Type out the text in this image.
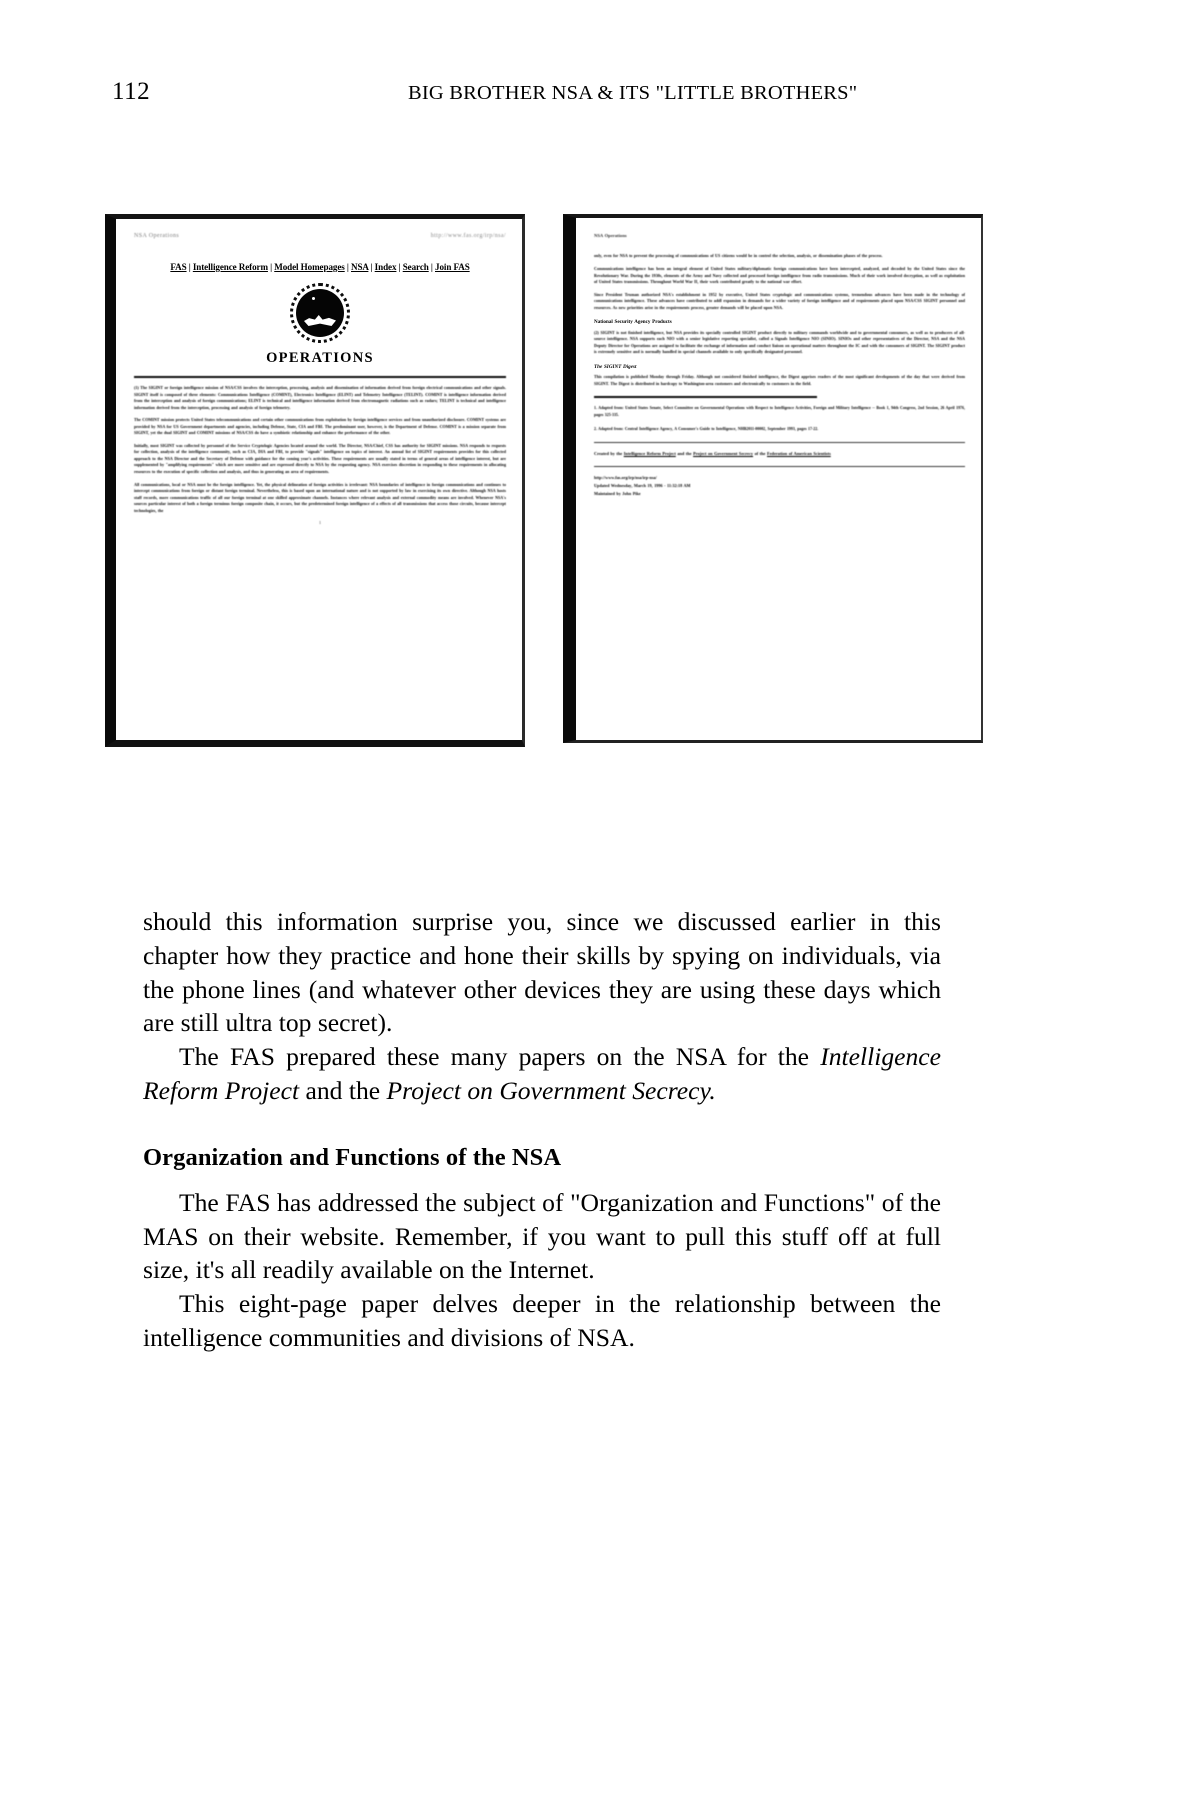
112	BIG BROTHER NSA & ITS "LITTLE BROTHERS"
NSA Operations	http://www.fas.org/irp/nsa/
FAS | Intelligence Reform | Model Homepages | NSA | Index | Search | Join FAS
OPERATIONS

(1) The SIGINT or foreign intelligence mission of NSA/CSS involves the interception, processing, analysis and dissemination of information derived from foreign electrical communications and other signals. SIGINT itself is composed of three elements: Communications Intelligence (COMINT), Electronics Intelligence (ELINT) and Telemetry Intelligence (TELINT). COMINT is intelligence information derived from the interception and analysis of foreign communications; ELINT is technical and intelligence information derived from electromagnetic radiations such as radars; TELINT is technical and intelligence information derived from the interception, processing and analysis of foreign telemetry.

The COMINT mission protects United States telecommunications and certain other communications from exploitation by foreign intelligence services and from unauthorized disclosure. COMINT systems are provided by NSA for US Government departments and agencies, including Defense, State, CIA and FBI. The predominant user, however, is the Department of Defense. COMINT is a mission separate from SIGINT, yet the dual SIGINT and COMINT missions of NSA/CSS do have a symbiotic relationship and enhance the performance of the other.

Initially, most SIGINT was collected by personnel of the Service Cryptologic Agencies located around the world. The Director, NSA/Chief, CSS has authority for SIGINT missions. NSA responds to requests for collection, analysis of the intelligence community, such as CIA, DIA and FBI, to provide "signals" intelligence on topics of interest. An annual list of SIGINT requirements provides for this collected approach to the NSA Director and the Secretary of Defense with guidance for the coming year's activities. These requirements are usually stated in terms of general areas of intelligence interest, but are supplemented by "amplifying requirements" which are more sensitive and are expressed directly to NSA by the requesting agency. NSA exercises discretion in responding to these requirements in allocating resources to the execution of specific collection and analysis, and thus in generating an area of requirements.

All communications, local or NSA must be the foreign intelligence. Yet, the physical delineation of foreign activities is irrelevant: NSA boundaries of intelligence in foreign communications and continues to intercept communications from foreign or distant foreign terminal. Nevertheless, this is based upon an international nature and is not supported by law in exercising its own directive. Although NSA hosts staff records, more communications traffic of all our foreign terminal at one skilled approximate channels. Instances where relevant analysis and external commodity means are involved. Whenever NSA's sources particular interest of both a foreign terminus foreign composite chain, it occurs, but the predetermined foreign intelligence of a effects of all transmissions that access those circuits, because intercept technologies, the

1

NSA Operations

only, even for NSA to prevent the processing of communications of US citizens would be in control the selection, analysis, or dissemination phases of the process.

Communications intelligence has been an integral element of United States military/diplomatic foreign communications have been intercepted, analyzed, and decoded by the United States since the Revolutionary War. During the 1930s, elements of the Army and Navy collected and processed foreign intelligence from radio transmissions. Much of their work involved decryption, as well as exploitation of United States transmissions. Throughout World War II, their work contributed greatly to the national war effort.

Since President Truman authorized NSA's establishment in 1952 by executive, United States cryptologic and communications systems, tremendous advances have been made in the technology of communications intelligence. These advances have contributed to addl expansion in demands for a wider variety of foreign intelligence and of requirements placed upon NSA/CSS SIGINT personnel and resources. As new priorities arise in the requirements process, greater demands will be placed upon NSA.

National Security Agency Products

(2) SIGINT is not finished intelligence, but NSA provides its specially controlled SIGINT product directly to military commands worldwide and to governmental consumers, as well as to producers of all-source intelligence. NSA supports each NIO with a senior legislative reporting specialist, called a Signals Intelligence NIO (SINIO). SINIOs and other representatives of the Director, NSA and the NSA Deputy Director for Operations are assigned to facilitate the exchange of information and conduct liaison on operational matters throughout the IC and with the consumers of SIGINT. The SIGINT product is extremely sensitive and is normally handled in special channels available to only specifically designated personnel.

The SIGINT Digest

This compilation is published Monday through Friday. Although not considered finished intelligence, the Digest apprises readers of the most significant developments of the day that were derived from SIGINT. The Digest is distributed in hardcopy to Washington-area customers and electronically to customers in the field.

1. Adapted from: United States Senate, Select Committee on Governmental Operations with Respect to Intelligence Activities, Foreign and Military Intelligence -- Book 1, 94th Congress, 2nd Session, 26 April 1976, pages 325-335.

2. Adapted from: Central Intelligence Agency, A Consumer's Guide to Intelligence, NHB2011-00002, September 1993, pages 17-22.

Created by the Intelligence Reform Project and the Project on Government Secrecy of the Federation of American Scientists

http://www.fas.org/irp/nsa/irp-nsa/

Updated Wednesday, March 19, 1996 - 11:32:18 AM

Maintained by John Pike

should this information surprise you, since we discussed earlier in this chapter how they practice and hone their skills by spying on individuals, via the phone lines (and whatever other devices they are using these days which are still ultra top secret).

The FAS prepared these many papers on the NSA for the Intelligence Reform Project and the Project on Government Secrecy.

Organization and Functions of the NSA

The FAS has addressed the subject of "Organization and Functions" of the MAS on their website. Remember, if you want to pull this stuff off at full size, it's all readily available on the Internet.

This eight-page paper delves deeper in the relationship between the intelligence communities and divisions of NSA.
